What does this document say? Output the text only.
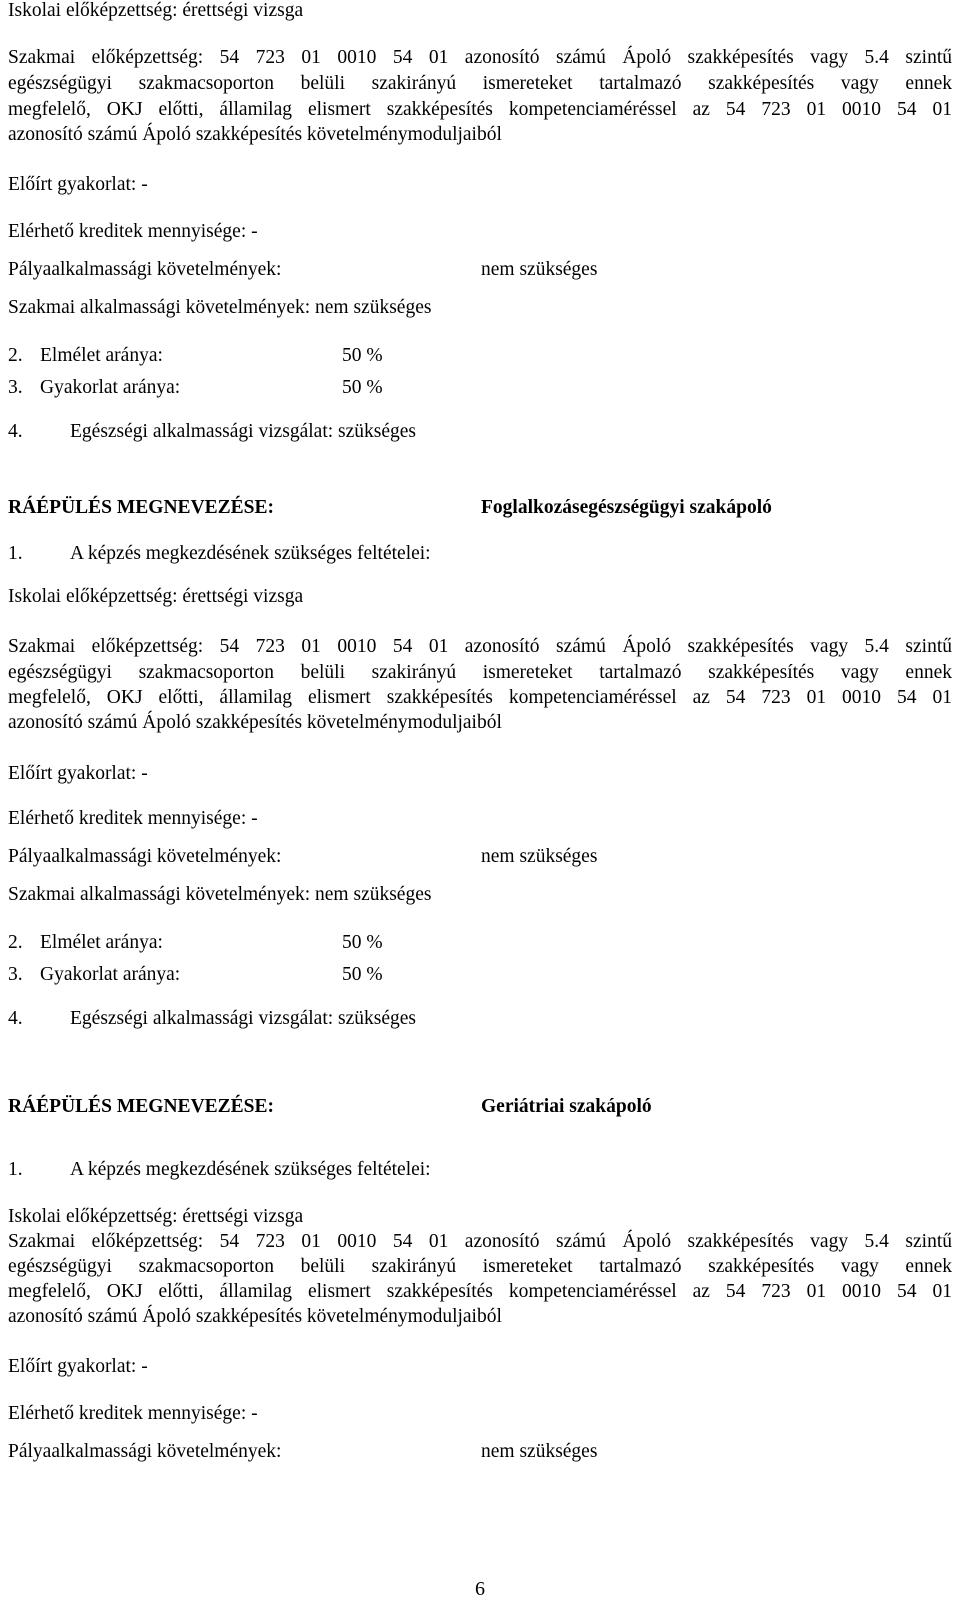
Iskolai előképzettség: érettségi vizsga
Szakmai előképzettség: 54 723 01 0010 54 01 azonosító számú Ápoló szakképesítés vagy 5.4 szintű
egészségügyi szakmacsoporton belüli szakirányú ismereteket tartalmazó szakképesítés vagy ennek
megfelelő, OKJ előtti, államilag elismert szakképesítés kompetenciaméréssel az 54 723 01 0010 54 01
azonosító számú Ápoló szakképesítés követelménymoduljaiból
Előírt gyakorlat: -
Elérhető kreditek mennyisége: -
Pályaalkalmassági követelmények:	nem szükséges
Szakmai alkalmassági követelmények: nem szükséges
2. Elmélet aránya:	50 %
3. Gyakorlat aránya:	50 %
4. Egészségi alkalmassági vizsgálat: szükséges
RÁÉPÜLÉS MEGNEVEZÉSE:	Foglalkozásegészségügyi szakápoló
1. A képzés megkezdésének szükséges feltételei:
Iskolai előképzettség: érettségi vizsga
Szakmai előképzettség: 54 723 01 0010 54 01 azonosító számú Ápoló szakképesítés vagy 5.4 szintű
egészségügyi szakmacsoporton belüli szakirányú ismereteket tartalmazó szakképesítés vagy ennek
megfelelő, OKJ előtti, államilag elismert szakképesítés kompetenciaméréssel az 54 723 01 0010 54 01
azonosító számú Ápoló szakképesítés követelménymoduljaiból
Előírt gyakorlat: -
Elérhető kreditek mennyisége: -
Pályaalkalmassági követelmények:	nem szükséges
Szakmai alkalmassági követelmények: nem szükséges
2. Elmélet aránya:	50 %
3. Gyakorlat aránya:	50 %
4. Egészségi alkalmassági vizsgálat: szükséges
RÁÉPÜLÉS MEGNEVEZÉSE:	Geriátriai szakápoló
1. A képzés megkezdésének szükséges feltételei:
Iskolai előképzettség: érettségi vizsga
Szakmai előképzettség: 54 723 01 0010 54 01 azonosító számú Ápoló szakképesítés vagy 5.4 szintű
egészségügyi szakmacsoporton belüli szakirányú ismereteket tartalmazó szakképesítés vagy ennek
megfelelő, OKJ előtti, államilag elismert szakképesítés kompetenciaméréssel az 54 723 01 0010 54 01
azonosító számú Ápoló szakképesítés követelménymoduljaiból
Előírt gyakorlat: -
Elérhető kreditek mennyisége: -
Pályaalkalmassági követelmények:	nem szükséges
6
